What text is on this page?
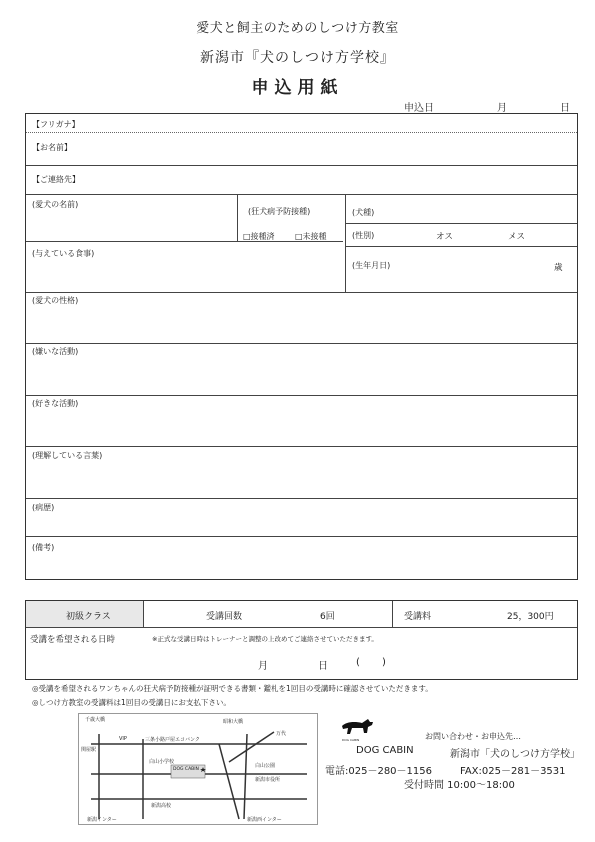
愛犬と飼主のためのしつけ方教室
新潟市『犬のしつけ方学校』
申込用紙
申込日	月	日
【フリガナ】
【お名前】
【ご連絡先】
(愛犬の名前)
(狂犬病予防接種)
□接種済	□未接種
(犬種)
(性別)	オス	メス
(与えている食事)
(生年月日)	歳
(愛犬の性格)
(嫌いな活動)
(好きな活動)
(理解している言葉)
(病歴)
(備考)
初級クラス	受講回数	6回	受講料	25，300円
受講を希望される日時	※正式な受講日時はトレーナーと調整の上改めてご連絡させていただきます。
月	日	( )
◎受講を希望されるワンちゃんの狂犬病予防接種が証明できる書類・鑑札を1回目の受講時に確認させていただきます。
◎しつけ方教室の受講料は1回目の受講日にお支払下さい。
千歳大橋	昭和大橋
VIP	三条小路戸屋 エコバンク
白山小学校
関屋駅
万代
白山公園
新潟市役所
新潟高校
新潟インター	新潟西インター
DOG CABIN
DOG CABIN	お問い合わせ・お申込先…
DOG CABIN	新潟市「犬のしつけ方学校」
電話:025－280－1156	FAX:025－281－3531
受付時間 10:00～18:00
